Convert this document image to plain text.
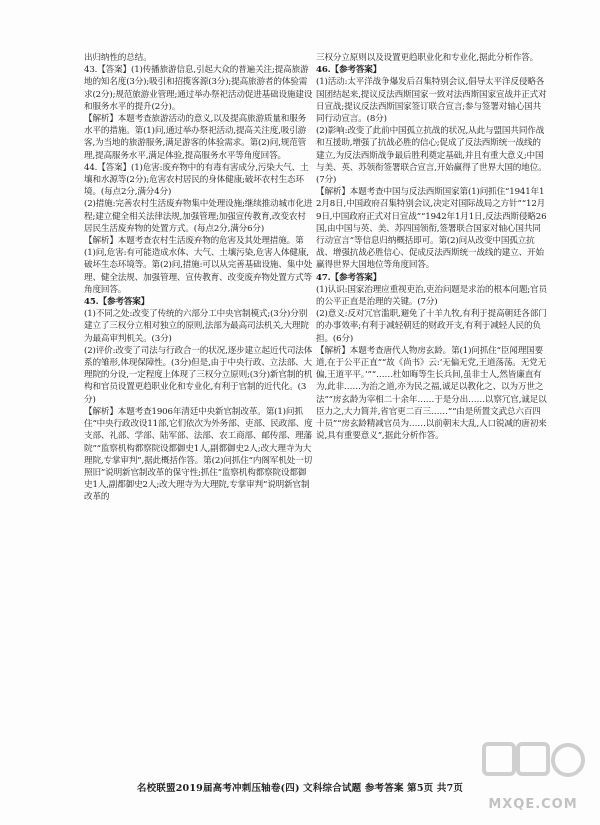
出归纳性的总结。

43.【答案】(1)传播旅游信息,引起大众的普遍关注;提高旅游地的知名度(3分);吸引和招揽客源(3分);提高旅游者的体验需求(2分);规范旅游业管理;通过举办祭祀活动促进基础设施建设和服务水平的提升(2分)。

【解析】本题考查旅游活动的意义,以及提高旅游质量和服务水平的措施。第(1)问,通过举办祭祀活动,提高关注度,吸引游客,为当地的旅游服务,满足游客的体验需求。第(2)问,规范管理,提高服务水平,满足体验,提高服务水平等角度回答。

44.【答案】(1)危害:废弃物中的有毒有害成分,污染大气、土壤和水源等(2分);危害农村居民的身体健康;破坏农村生态环境。(每点2分,满分4分)

(2)措施:完善农村生活废弃物集中处理设施;继续推动城市化进程;建立健全相关法律法规,加强管理;加强宣传教育,改变农村居民生活废弃物的处置方式。(每点2分,满分6分)

【解析】本题考查农村生活废弃物的危害及其处理措施。第(1)问,危害:有可能造成水体、大气、土壤污染,危害人体健康,破坏生态环境等。第(2)问,措施:可以从完善基础设施、集中处理、健全法规、加强管理、宣传教育、改变废弃物处置方式等角度回答。

45.【参考答案】

(1)不同之处:改变了传统的六部分工中央官制模式;(3分)分别建立了三权分立相对独立的原则,法部为最高司法机关,大理院为最高审判机关。(3分)

(2)评价:改变了司法与行政合一的状况,逐步建立起近代司法体系的雏形,体现保障性。(3分)但是,由于中央行政、立法部、大理院的分设,一定程度上体现了三权分立原则;(3分)新官制的机构和官员设置更趋职业化和专业化,有利于官制的近代化。(3分)

【解析】本题考查1906年清廷中央新官制改革。第(1)问抓住“中央行政改设11部,它们依次为外务部、吏部、民政部、度支部、礼部、学部、陆军部、法部、农工商部、邮传部、理藩院”“监察机构都察院设都御史1人,副都御史2人;改大理寺为大理院,专掌审判”,据此概括作答。第(2)问抓住“内阁军机处一切照旧”说明新官制改革的保守性;抓住“监察机构都察院设都御史1人,副都御史2人;改大理寺为大理院,专掌审判”说明新官制改革的

三权分立原则以及设置更趋职业化和专业化,据此分析作答。

46.【参考答案】

(1)活动:太平洋战争爆发后召集特别会议,倡导太平洋反侵略各国团结起来,提议反法西斯国家一致对法西斯国家宣战并正式对日宣战;提议反法西斯国家签订联合宣言;参与签署对轴心国共同行动宣言。(8分)

(2)影响:改变了此前中国孤立抗战的状况,从此与盟国共同作战和互援助,增强了抗战必胜的信心;促成了反法西斯统一战线的建立,为反法西斯战争最后胜利奠定基础,并且有重大意义;中国与美、英、苏领衔签署联合宣言,开始赢得了世界大国的地位。(7分)

【解析】本题考查中国与反法西斯国家第(1)问抓住“1941年12月8日,中国政府召集特别会议,决定对国际战局之方针”“12月9日,中国政府正式对日宣战”“1942年1月1日,反法西斯侵略26国,由中国与英、美、苏四国领衔,签署联合国家对轴心国共同行动宣言”等信息归纳概括即可。第(2)问从改变中国孤立抗战、增强抗战必胜信心、促成反法西斯统一战线的建立、开始赢得世界大国地位等角度回答。

47.【参考答案】

(1)认识:国家治理应重视吏治,吏治问题是求治的根本问题;官员的公平正直是治理的关键。(7分)

(2)意义:反对冗官滥职,避免了十羊九牧,有利于提高朝廷各部门的办事效率;有利于减轻朝廷的财政开支,有利于减轻人民的负担。(6分)

【解析】本题考查唐代人物房玄龄。第(1)问抓住“臣闻理国要道,在于公平正直”“故《尚书》云:‘无偏无党,王道荡荡。无党无偏,王道平平。’”“……杜如晦等生长兵间,虽非士人,然皆廉直有为,此非……为治之道,亦为民之福,诚足以教化之、以为万世之法”“房玄龄为宰相二十余年……于是分出……以察冗官,诚足以臣力之,大力简并,省官更二百三……”“由是所置文武总六百四十员”“房玄龄精减官员为……以前朝末大乱,人口锐减的唐初来说,具有重要意义”,据此分析作答。

名校联盟2019届高考冲刺压轴卷(四) 文科综合试题 参考答案 第5页 共7页
MXQE.COM
